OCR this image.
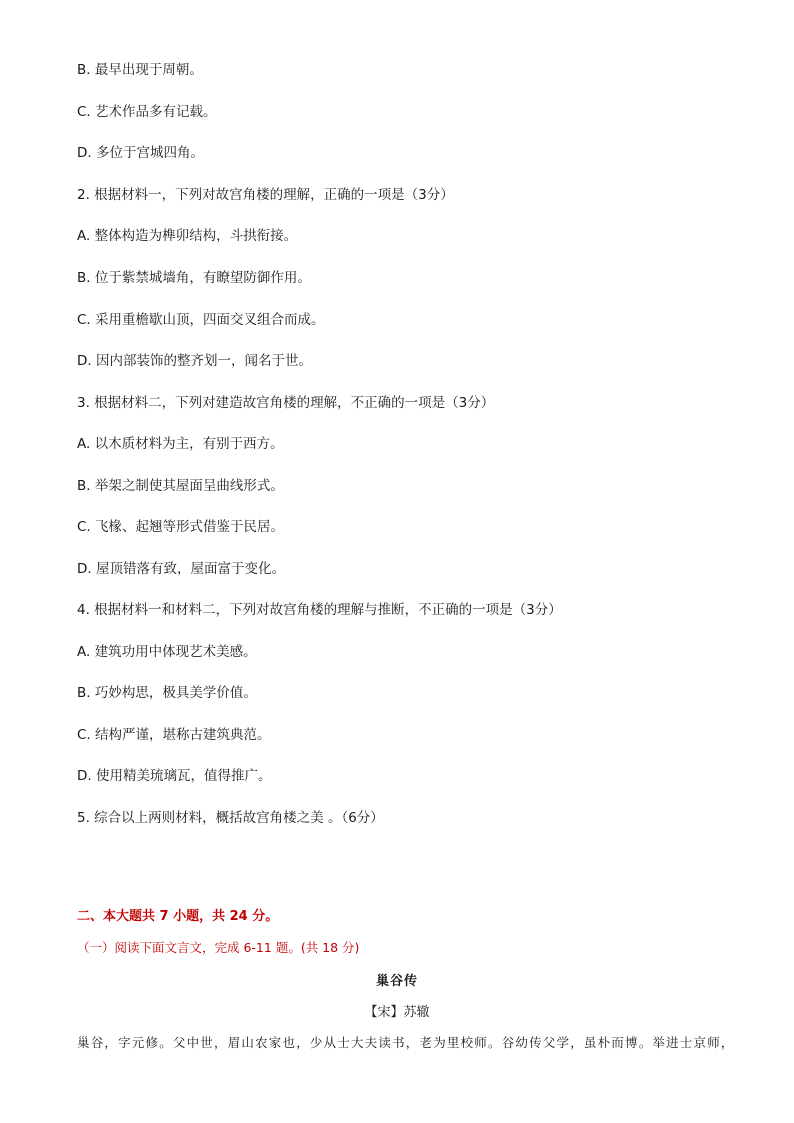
B. 最早出现于周朝。
C. 艺术作品多有记载。
D. 多位于宫城四角。
2. 根据材料一，下列对故宫角楼的理解，正确的一项是（3分）
A. 整体构造为榫卯结构，斗拱衔接。
B. 位于紫禁城墙角，有瞭望防御作用。
C. 采用重檐歇山顶，四面交叉组合而成。
D. 因内部装饰的整齐划一，闻名于世。
3. 根据材料二，下列对建造故宫角楼的理解，不正确的一项是（3分）
A. 以木质材料为主，有别于西方。
B. 举架之制使其屋面呈曲线形式。
C. 飞椽、起翘等形式借鉴于民居。
D. 屋顶错落有致，屋面富于变化。
4. 根据材料一和材料二，下列对故宫角楼的理解与推断，不正确的一项是（3分）
A. 建筑功用中体现艺术美感。
B. 巧妙构思，极具美学价值。
C. 结构严谨，堪称古建筑典范。
D. 使用精美琉璃瓦，值得推广。
5. 综合以上两则材料，概括故宫角楼之美 。（6分）
二、本大题共 7 小题，共 24 分。
（一）阅读下面文言文，完成 6-11 题。(共 18 分)
巢谷传
【宋】苏辙
巢谷，字元修。父中世，眉山农家也，少从士大夫读书，老为里校师。谷幼传父学，虽朴而博。举进士京师，
